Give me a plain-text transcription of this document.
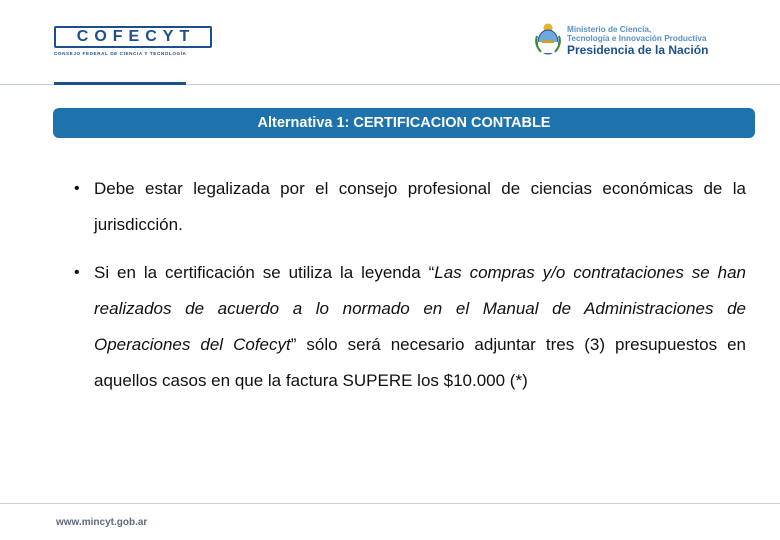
COFECYT
CONSEJO FEDERAL DE CIENCIA Y TECNOLOGÍA
Ministerio de Ciencia,
Tecnología e Innovación Productiva
Presidencia de la Nación
Alternativa 1: CERTIFICACION CONTABLE
• Debe estar legalizada por el consejo profesional de ciencias económicas de la jurisdicción.
• Si en la certificación se utiliza la leyenda “Las compras y/o contrataciones se han realizados de acuerdo a lo normado en el Manual de Administraciones de Operaciones del Cofecyt” sólo será necesario adjuntar tres (3) presupuestos en aquellos casos en que la factura SUPERE los $10.000 (*)
www.mincyt.gob.ar
